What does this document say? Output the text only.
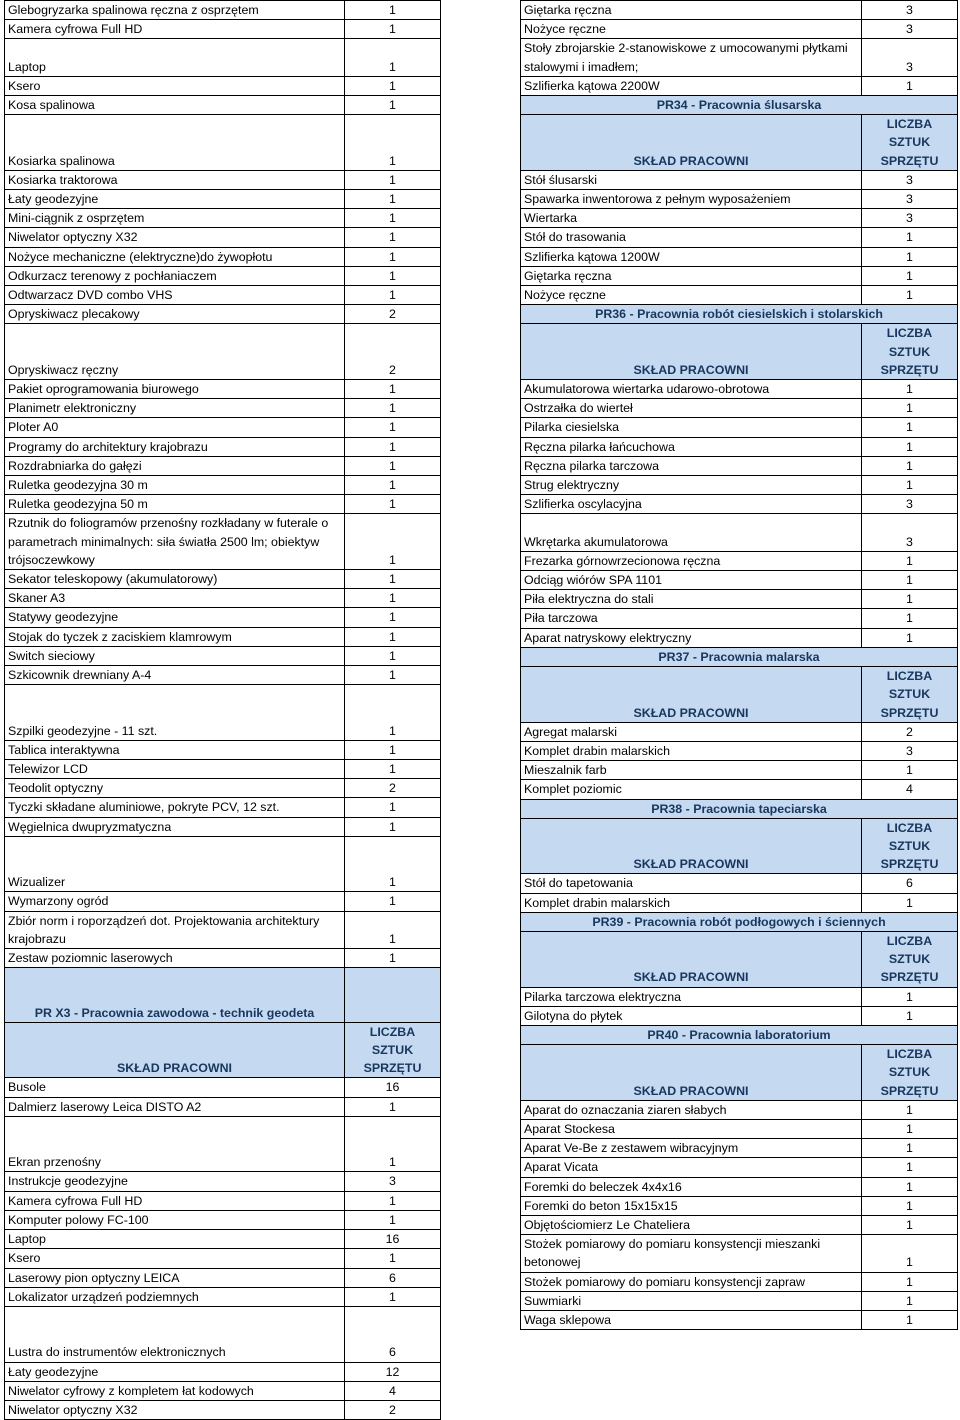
Glebogryzarka spalinowa ręczna z osprzętem	1
Kamera cyfrowa Full HD	1
Laptop	1
Ksero	1
Kosa spalinowa	1
Kosiarka spalinowa	1
Kosiarka traktorowa	1
Łaty geodezyjne	1
Mini-ciągnik z osprzętem	1
Niwelator optyczny X32	1
Nożyce mechaniczne (elektryczne)do żywopłotu	1
Odkurzacz terenowy z pochłaniaczem	1
Odtwarzacz DVD combo VHS	1
Opryskiwacz plecakowy	2
Opryskiwacz ręczny	2
Pakiet oprogramowania biurowego	1
Planimetr elektroniczny	1
Ploter A0	1
Programy do architektury krajobrazu	1
Rozdrabniarka do gałęzi	1
Ruletka geodezyjna 30 m	1
Ruletka geodezyjna 50 m	1
Rzutnik do foliogramów przenośny rozkładany w futerale o parametrach minimalnych: siła światła 2500 lm; obiektyw trójsoczewkowy	1
Sekator teleskopowy (akumulatorowy)	1
Skaner A3	1
Statywy geodezyjne	1
Stojak do tyczek z zaciskiem klamrowym	1
Switch sieciowy	1
Szkicownik drewniany A-4	1
Szpilki geodezyjne - 11 szt.	1
Tablica interaktywna	1
Telewizor LCD	1
Teodolit optyczny	2
Tyczki składane aluminiowe, pokryte PCV, 12 szt.	1
Węgielnica dwupryzmatyczna	1
Wizualizer	1
Wymarzony ogród	1
Zbiór norm i roporządzeń dot. Projektowania architektury krajobrazu	1
Zestaw poziomnic laserowych	1
PR X3 - Pracownia zawodowa - technik geodeta	
SKŁAD PRACOWNI	LICZBA
SZTUK
SPRZĘTU

Busole	16
Dalmierz laserowy Leica DISTO A2	1
Ekran przenośny	1
Instrukcje geodezyjne	3
Kamera cyfrowa Full HD	1
Komputer polowy FC-100	1
Laptop	16
Ksero	1
Laserowy pion optyczny LEICA	6
Lokalizator urządzeń podziemnych	1
Lustra do instrumentów elektronicznych	6
Łaty geodezyjne	12
Niwelator cyfrowy z kompletem łat kodowych	4
Niwelator optyczny X32	2
Giętarka ręczna	3
Nożyce ręczne	3
Stoły zbrojarskie 2-stanowiskowe z umocowanymi płytkami stalowymi i imadłem;	3
Szlifierka kątowa 2200W	1
PR34 - Pracownia ślusarska	
SKŁAD PRACOWNI	LICZBA
SZTUK
SPRZĘTU

Stół ślusarski	3
Spawarka inwentorowa z pełnym wyposażeniem	3
Wiertarka	3
Stół do trasowania	1
Szlifierka kątowa 1200W	1
Giętarka ręczna	1
Nożyce ręczne	1
PR36 - Pracownia robót ciesielskich i stolarskich	
SKŁAD PRACOWNI	LICZBA
SZTUK
SPRZĘTU

Akumulatorowa wiertarka udarowo-obrotowa	1
Ostrzałka do wierteł	1
Pilarka ciesielska	1
Ręczna pilarka łańcuchowa	1
Ręczna pilarka tarczowa	1
Strug elektryczny	1
Szlifierka oscylacyjna	3
Wkrętarka akumulatorowa	3
Frezarka górnowrzecionowa ręczna	1
Odciąg wiórów SPA 1101	1
Piła elektryczna do stali	1
Piła tarczowa	1
Aparat natryskowy elektryczny	1
PR37 - Pracownia malarska	
SKŁAD PRACOWNI	LICZBA
SZTUK
SPRZĘTU

Agregat malarski	2
Komplet drabin malarskich	3
Mieszalnik farb	1
Komplet poziomic	4
PR38 - Pracownia tapeciarska	
SKŁAD PRACOWNI	LICZBA
SZTUK
SPRZĘTU

Stół do tapetowania	6
Komplet drabin malarskich	1
PR39 - Pracownia robót podłogowych i ściennych	
SKŁAD PRACOWNI	LICZBA
SZTUK
SPRZĘTU

Pilarka tarczowa elektryczna	1
Gilotyna do płytek	1
PR40 - Pracownia laboratorium	
SKŁAD PRACOWNI	LICZBA
SZTUK
SPRZĘTU

Aparat do oznaczania ziaren słabych	1
Aparat Stockesa	1
Aparat Ve-Be z zestawem wibracyjnym	1
Aparat Vicata	1
Foremki do beleczek 4x4x16	1
Foremki do beton 15x15x15	1
Objętościomierz Le Chateliera	1
Stożek pomiarowy do pomiaru konsystencji mieszanki betonowej	1
Stożek pomiarowy do pomiaru konsystencji zapraw	1
Suwmiarki	1
Waga sklepowa	1
